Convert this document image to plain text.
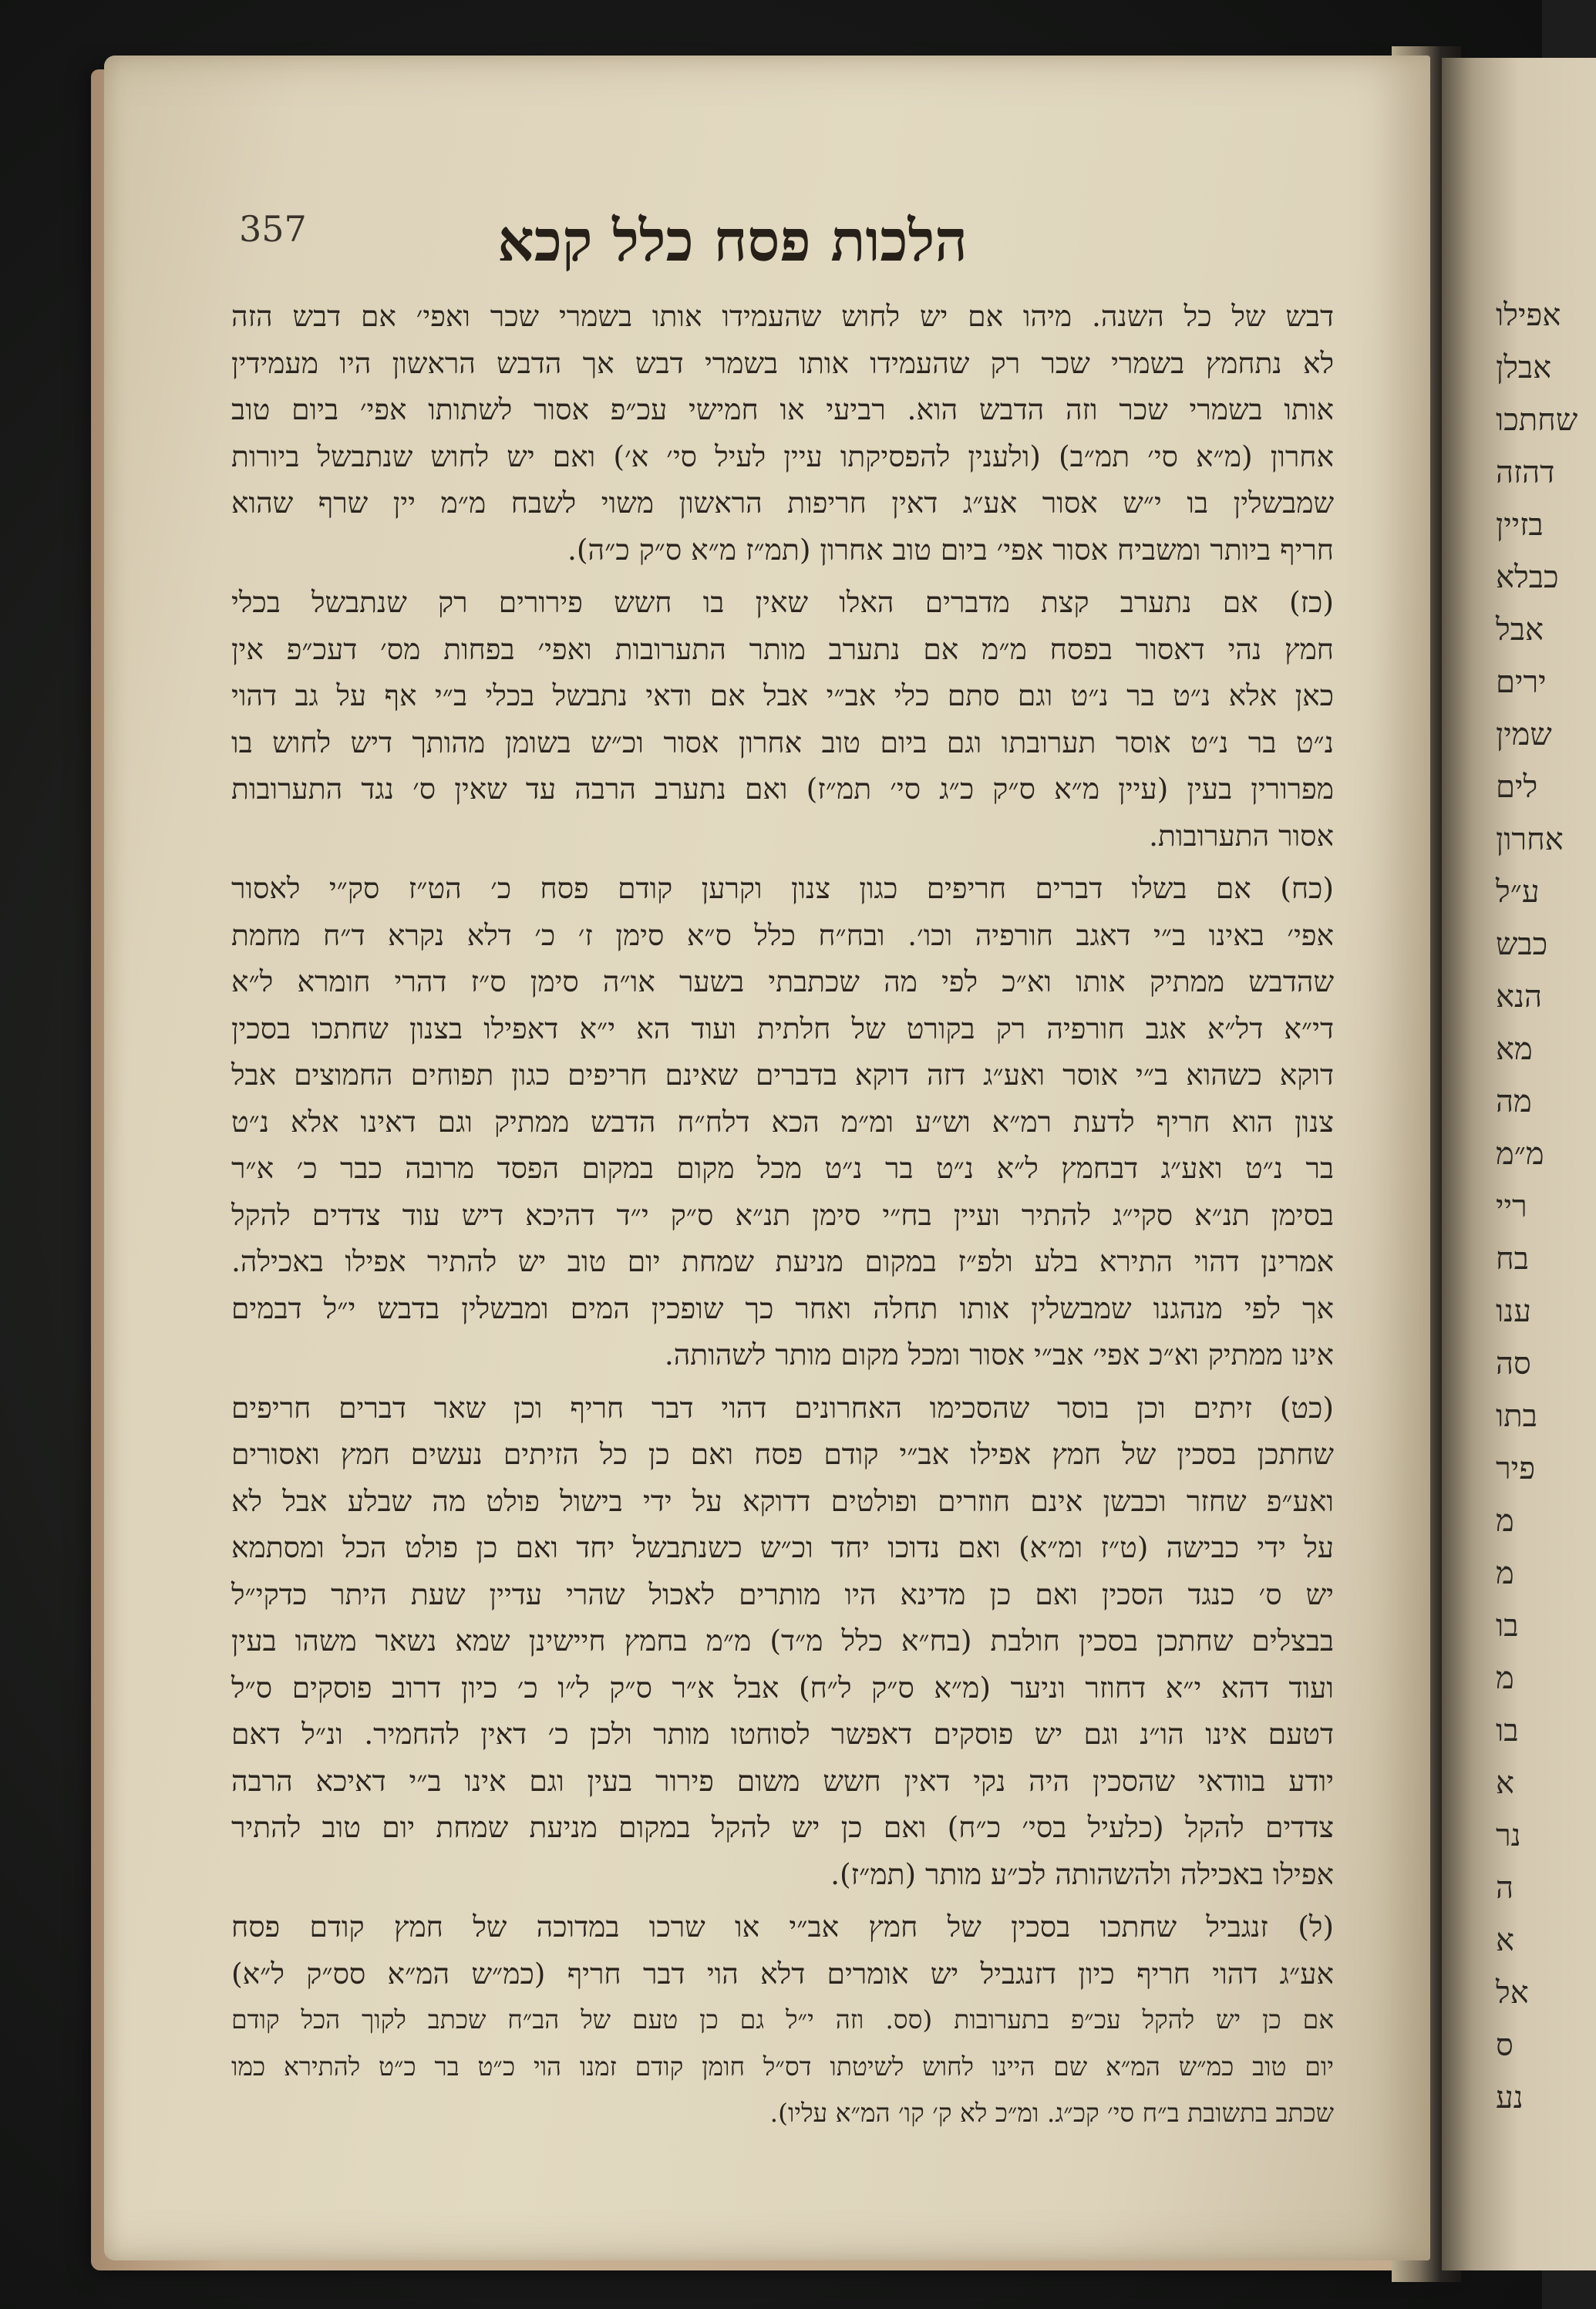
אפילו
אבלן
שחתכו
דהזה
בזיין
כבלא
אבל
ירים
שמין
לים
אחרון
ע״ל
כבש
הנא
מא
מה
מ״מ
ריי
בח
ענו
סה
בתו
פיר
מ
מ
בו
מ
בו
א
נר
ה
א
אל
ס
נע
357	הלכות פסח כלל קכא
דבש של כל השנה. מיהו אם יש לחוש שהעמידו אותו בשמרי שכר ואפי׳ אם דבש הזה
לא נתחמץ בשמרי שכר רק שהעמידו אותו בשמרי דבש אך הדבש הראשון היו מעמידין
אותו בשמרי שכר וזה הדבש הוא. רביעי או חמישי עכ״פ אסור לשתותו אפי׳ ביום טוב
אחרון (מ״א סי׳ תמ״ב) (ולענין להפסיקתו עיין לעיל סי׳ א׳) ואם יש לחוש שנתבשל ביורות
שמבשלין בו י״ש אסור אע״ג דאין חריפות הראשון משוי לשבח מ״מ יין שרף שהוא
חריף ביותר ומשביח אסור אפי׳ ביום טוב אחרון (תמ״ז מ״א ס״ק כ״ה).
(כז) אם נתערב קצת מדברים האלו שאין בו חשש פירורים רק שנתבשל בכלי
חמץ נהי דאסור בפסח מ״מ אם נתערב מותר התערובות ואפי׳ בפחות מס׳ דעכ״פ אין
כאן אלא נ״ט בר נ״ט וגם סתם כלי אב״י אבל אם ודאי נתבשל בכלי ב״י אף על גב דהוי
נ״ט בר נ״ט אוסר תערובתו וגם ביום טוב אחרון אסור וכ״ש בשומן מהותך דיש לחוש בו
מפרורין בעין (עיין מ״א ס״ק כ״ג סי׳ תמ״ז) ואם נתערב הרבה עד שאין ס׳ נגד התערובות
אסור התערובות.
(כח) אם בשלו דברים חריפים כגון צנון וקרען קודם פסח כ׳ הט״ז סק״י לאסור
אפי׳ באינו ב״י דאגב חורפיה וכו׳. ובח״ח כלל ס״א סימן ז׳ כ׳ דלא נקרא ד״ח מחמת
שהדבש ממתיק אותו וא״כ לפי מה שכתבתי בשער או״ה סימן ס״ז דהרי חומרא ל״א
די״א דל״א אגב חורפיה רק בקורט של חלתית ועוד הא י״א דאפילו בצנון שחתכו בסכין
דוקא כשהוא ב״י אוסר ואע״ג דזה דוקא בדברים שאינם חריפים כגון תפוחים החמוצים אבל
צנון הוא חריף לדעת רמ״א וש״ע ומ״מ הכא דלח״ח הדבש ממתיק וגם דאינו אלא נ״ט
בר נ״ט ואע״ג דבחמץ ל״א נ״ט בר נ״ט מכל מקום במקום הפסד מרובה כבר כ׳ א״ר
בסימן תנ״א סקי״ג להתיר ועיין בח״י סימן תנ״א ס״ק י״ד דהיכא דיש עוד צדדים להקל
אמרינן דהוי התירא בלע ולפ״ז במקום מניעת שמחת יום טוב יש להתיר אפילו באכילה.
אך לפי מנהגנו שמבשלין אותו תחלה ואחר כך שופכין המים ומבשלין בדבש י״ל דבמים
אינו ממתיק וא״כ אפי׳ אב״י אסור ומכל מקום מותר לשהותה.
(כט) זיתים וכן בוסר שהסכימו האחרונים דהוי דבר חריף וכן שאר דברים חריפים
שחתכן בסכין של חמץ אפילו אב״י קודם פסח ואם כן כל הזיתים נעשים חמץ ואסורים
ואע״פ שחזר וכבשן אינם חוזרים ופולטים דדוקא על ידי בישול פולט מה שבלע אבל לא
על ידי כבישה (ט״ז ומ״א) ואם נדוכו יחד וכ״ש כשנתבשל יחד ואם כן פולט הכל ומסתמא
יש ס׳ כנגד הסכין ואם כן מדינא היו מותרים לאכול שהרי עדיין שעת היתר כדקי״ל
בבצלים שחתכן בסכין חולבת (בח״א כלל מ״ד) מ״מ בחמץ חיישינן שמא נשאר משהו בעין
ועוד דהא י״א דחוזר וניער (מ״א ס״ק ל״ח) אבל א״ר ס״ק ל״ו כ׳ כיון דרוב פוסקים ס״ל
דטעם אינו הו״נ וגם יש פוסקים דאפשר לסוחטו מותר ולכן כ׳ דאין להחמיר. ונ״ל דאם
יודע בוודאי שהסכין היה נקי דאין חשש משום פירור בעין וגם אינו ב״י דאיכא הרבה
צדדים להקל (כלעיל בסי׳ כ״ח) ואם כן יש להקל במקום מניעת שמחת יום טוב להתיר
אפילו באכילה ולהשהותה לכ״ע מותר (תמ״ז).
(ל) זנגביל שחתכו בסכין של חמץ אב״י או שרכו במדוכה של חמץ קודם פסח
אע״ג דהוי חריף כיון דזנגביל יש אומרים דלא הוי דבר חריף (כמ״ש המ״א סס״ק ל״א)
אם כן יש להקל עכ״פ בתערובות (סס. וזה י״ל גם כן טעם של הב״ח שכתב לקוך הכל קודם
יום טוב כמ״ש המ״א שם היינו לחוש לשיטתו דס״ל חומן קודם זמנו הוי כ״ט בר כ״ט להתירא כמו
שכתב בתשובת ב״ח סי׳ קכ״ג. ומ״כ לא ק׳ קו׳ המ״א עליו).
